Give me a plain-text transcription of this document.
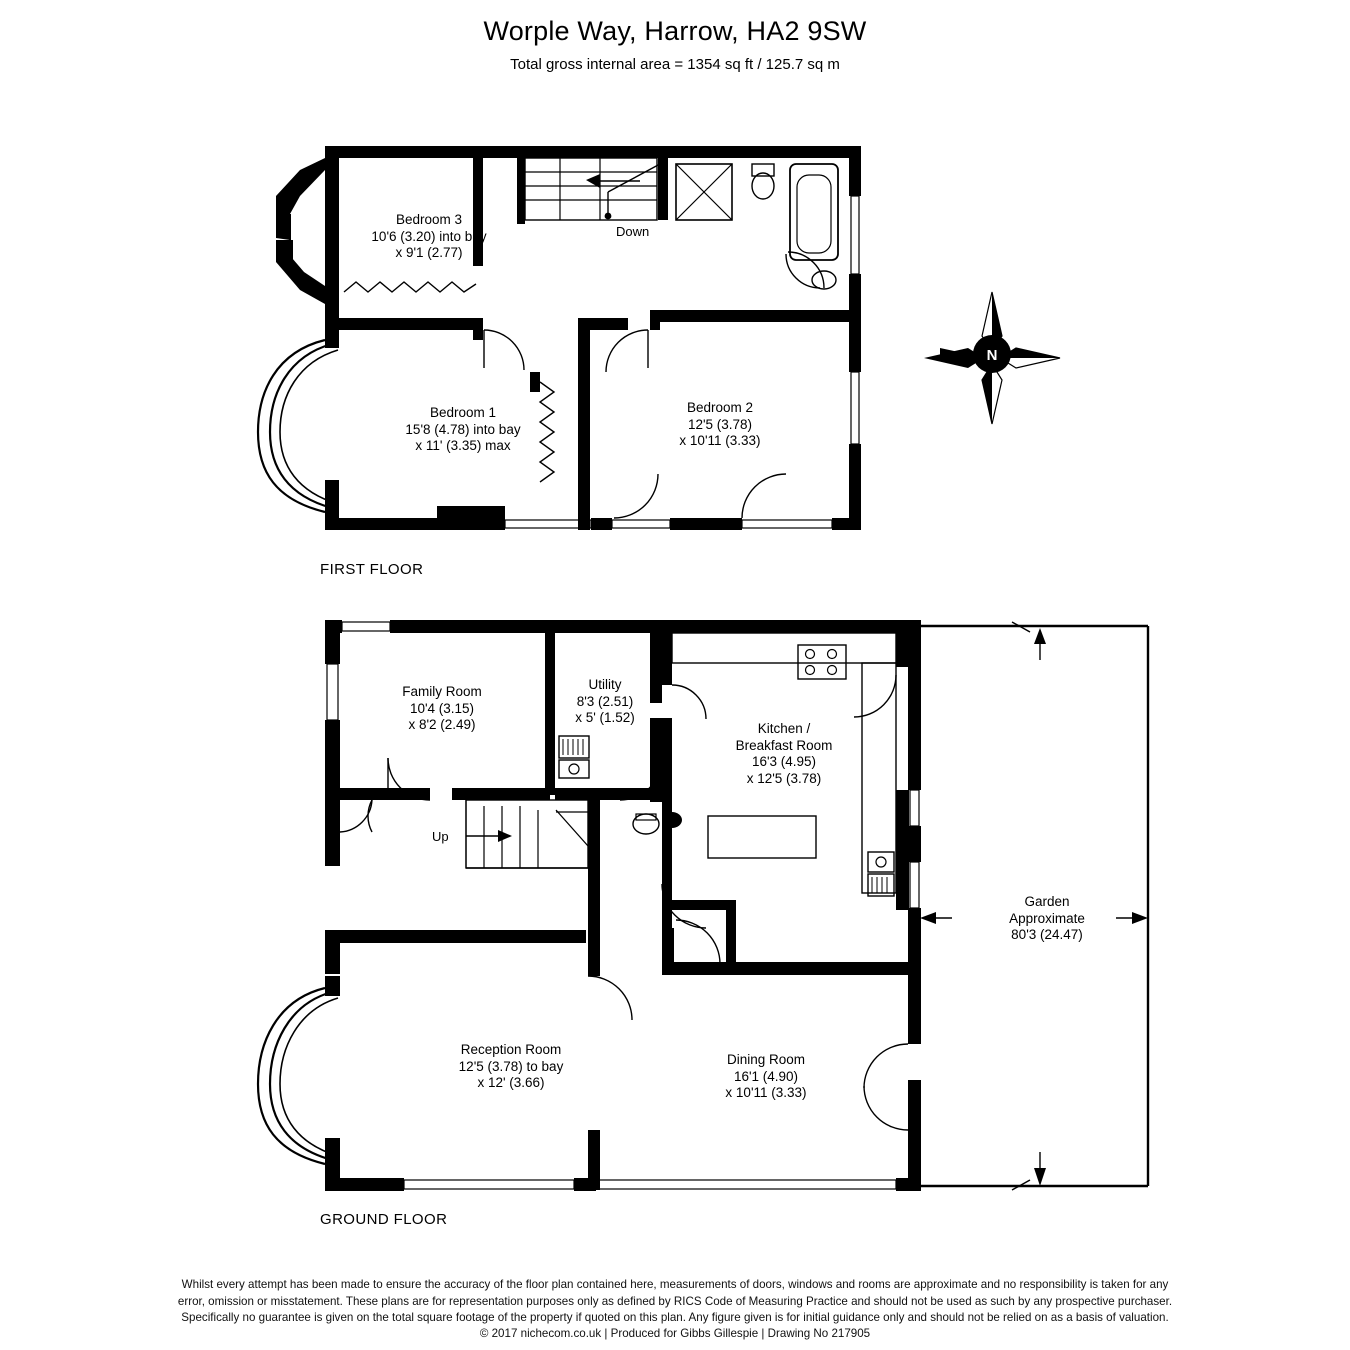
Worple Way, Harrow, HA2 9SW
Total gross internal area = 1354 sq ft / 125.7 sq m
N
Bedroom 3
10'6 (3.20) into bay
x 9'1 (2.77)
Down
Bedroom 1
15'8 (4.78) into bay
x 11' (3.35) max
Bedroom 2
12'5 (3.78)
x 10'11 (3.33)
FIRST FLOOR
Family Room
10'4 (3.15)
x 8'2 (2.49)
Utility
8'3 (2.51)
x 5' (1.52)
Kitchen /
Breakfast Room
16'3 (4.95)
x 12'5 (3.78)
Up
Reception Room
12'5 (3.78) to bay
x 12' (3.66)
Dining Room
16'1 (4.90)
x 10'11 (3.33)
Garden
Approximate
80'3 (24.47)
GROUND FLOOR
Whilst every attempt has been made to ensure the accuracy of the floor plan contained here, measurements of doors, windows and rooms are approximate and no responsibility is taken for any
error, omission or misstatement. These plans are for representation purposes only as defined by RICS Code of Measuring Practice and should not be used as such by any prospective purchaser.
Specifically no guarantee is given on the total square footage of the property if quoted on this plan. Any figure given is for initial guidance only and should not be relied on as a basis of valuation.
© 2017 nichecom.co.uk | Produced for Gibbs Gillespie | Drawing No 217905
